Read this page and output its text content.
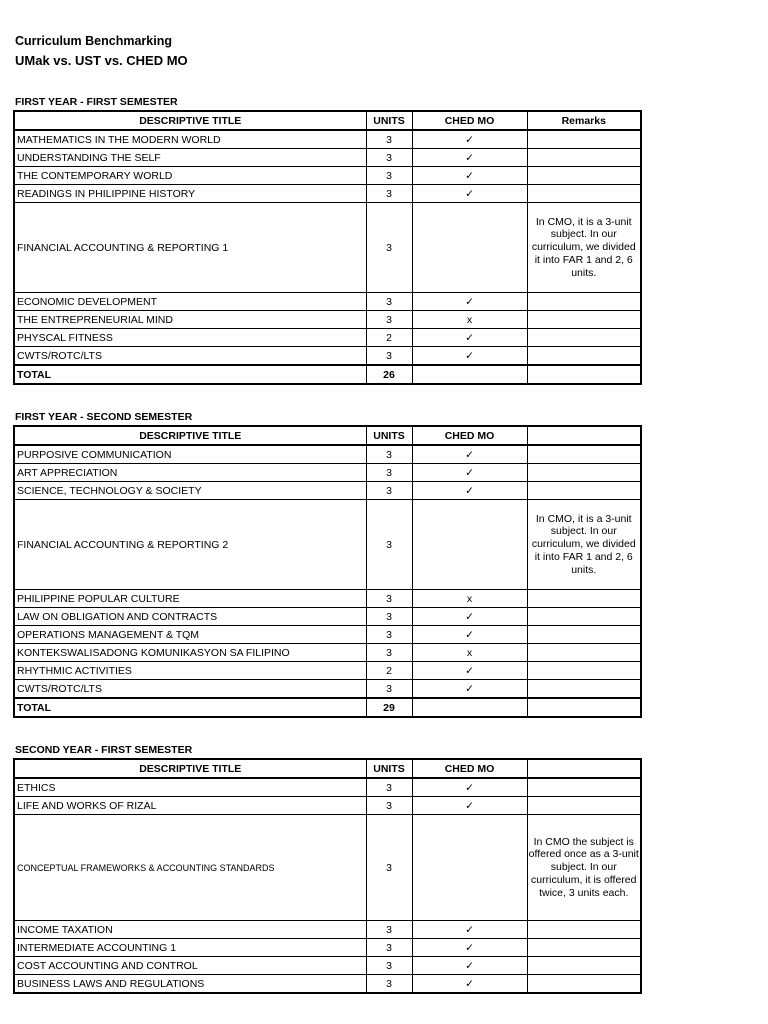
Curriculum Benchmarking
UMak vs. UST vs. CHED MO
FIRST YEAR - FIRST SEMESTER
DESCRIPTIVE TITLE	UNITS	CHED MO	Remarks
MATHEMATICS IN THE MODERN WORLD	3	✓	
UNDERSTANDING THE SELF	3	✓	
THE CONTEMPORARY WORLD	3	✓	
READINGS IN PHILIPPINE HISTORY	3	✓	
FINANCIAL ACCOUNTING & REPORTING 1	3		In CMO, it is a 3-unit subject. In our curriculum, we divided it into FAR 1 and 2, 6 units.
ECONOMIC DEVELOPMENT	3	✓	
THE ENTREPRENEURIAL MIND	3	x	
PHYSCAL FITNESS	2	✓	
CWTS/ROTC/LTS	3	✓	
TOTAL	26		
FIRST YEAR - SECOND SEMESTER
DESCRIPTIVE TITLE	UNITS	CHED MO	
PURPOSIVE COMMUNICATION	3	✓	
ART APPRECIATION	3	✓	
SCIENCE, TECHNOLOGY & SOCIETY	3	✓	
FINANCIAL ACCOUNTING & REPORTING 2	3		In CMO, it is a 3-unit subject. In our curriculum, we divided it into FAR 1 and 2, 6 units.
PHILIPPINE POPULAR CULTURE	3	x	
LAW ON OBLIGATION AND CONTRACTS	3	✓	
OPERATIONS MANAGEMENT & TQM	3	✓	
KONTEKSWALISADONG KOMUNIKASYON SA FILIPINO	3	x	
RHYTHMIC ACTIVITIES	2	✓	
CWTS/ROTC/LTS	3	✓	
TOTAL	29		
SECOND YEAR - FIRST SEMESTER
DESCRIPTIVE TITLE	UNITS	CHED MO	
ETHICS	3	✓	
LIFE AND WORKS OF RIZAL	3	✓	
CONCEPTUAL FRAMEWORKS & ACCOUNTING STANDARDS	3		In CMO the subject is offered once as a 3-unit subject. In our curriculum, it is offered twice, 3 units each.
INCOME TAXATION	3	✓	
INTERMEDIATE ACCOUNTING 1	3	✓	
COST ACCOUNTING AND CONTROL	3	✓	
BUSINESS LAWS AND REGULATIONS	3	✓	
